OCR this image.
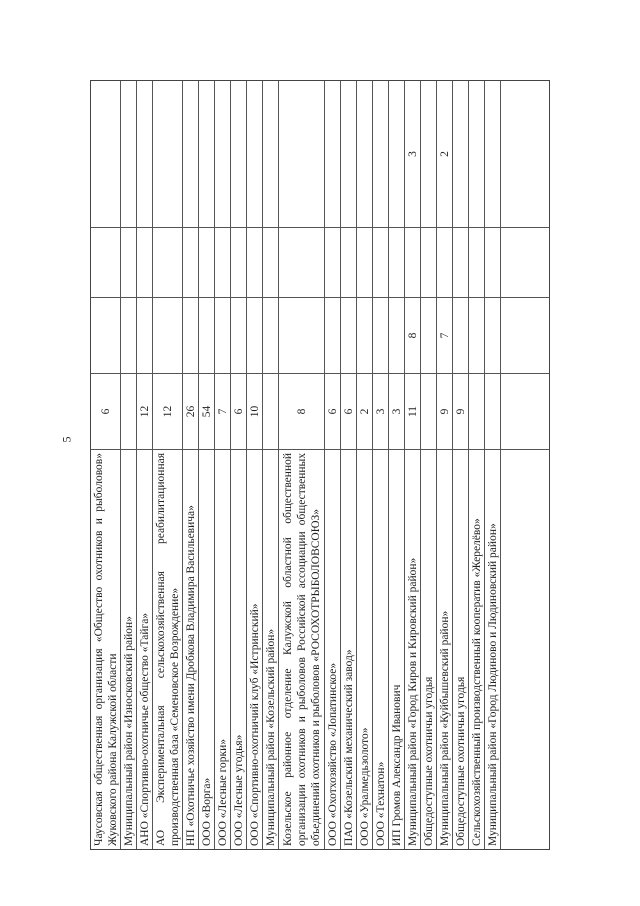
5
Чаусовская общественная организация «Общество охотников и рыболовов» Жуковского района Калужской области
6
Муниципальный район «Износковский район» АНО «Спортивно-охотничье общество «Тайга»
12
АО Экспериментальная сельскохозяйственная реабилитационная производственная база «Семеновское Возрождение»
12
НП «Охотничье хозяйство имени Дробкова Владимира Васильевича»
26
ООО «Ворга»
54
ООО «Лесные горки»
7
ООО «Лесные угодья»
6
ООО «Спортивно-охотничий клуб «Истринский»
10
Муниципальный район «Козельский район» Козельское районное отделение Калужской областной общественной организации охотников и рыболовов Российской ассоциации общественных объединений охотников и рыболовов «РОСОХОТРЫБОЛОВСОЮЗ»
8
ООО «Охотхозяйство «Лопатинское»
6
ПАО «Козельский механический завод»
6
ООО «Уралмедьзолото»
2
ООО «Технатон»
3
ИП Громов Александр Иванович
3
Муниципальный район «Город Киров и Кировский район»
11
8
3
Общедоступные охотничьи угодья Муниципальный район «Куйбышевский район»
9
7
2
Общедоступные охотничьи угодья
9
Сельскохозяйственный производственный кооператив «Жерелёво» Муниципальный район «Город Людиново и Людиновский район»
